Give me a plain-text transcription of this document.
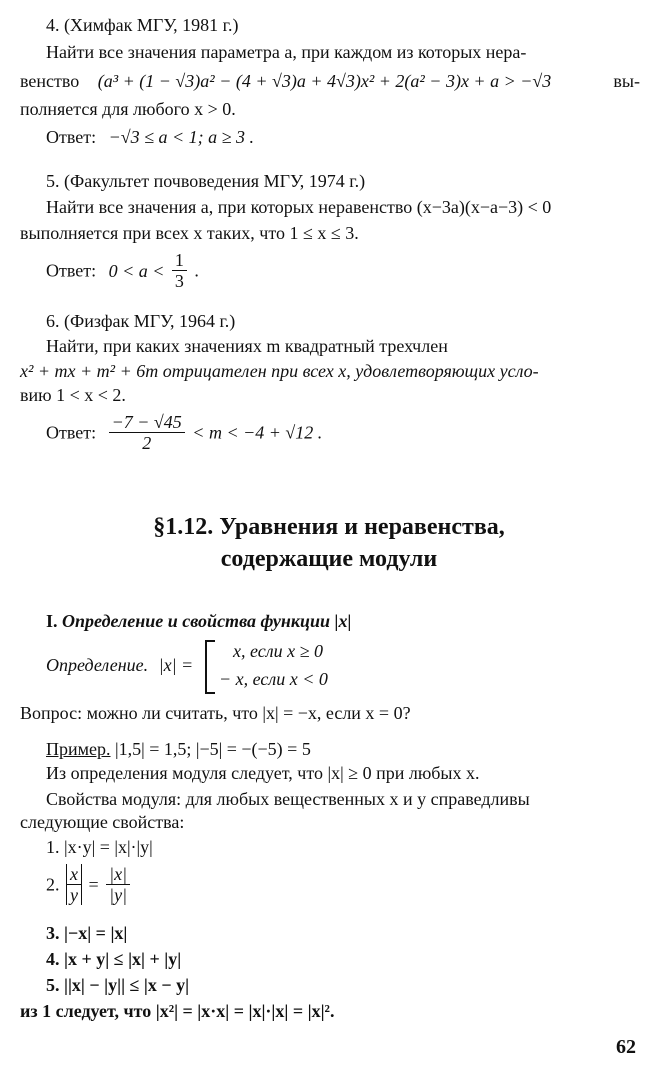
4. (Химфак МГУ, 1981 г.)
Найти все значения параметра a, при каждом из которых нера-
венство (a³ + (1 − √3)a² − (4 + √3)a + 4√3)x² + 2(a² − 3)x + a > −√3	вы-
полняется для любого x > 0.
Ответ: −√3 ≤ a < 1; a ≥ 3 .
5. (Факультет почвоведения МГУ, 1974 г.)
Найти все значения a, при которых неравенство (x−3a)(x−a−3) < 0
выполняется при всех x таких, что 1 ≤ x ≤ 3.
Ответ: $0 < a < \frac{1}{3}$ .
6. (Физфак МГУ, 1964 г.)
Найти, при каких значениях m квадратный трехчлен
x² + mx + m² + 6m отрицателен при всех x, удовлетворяющих усло-
вию 1 < x < 2.
Ответ: $\frac{-7 - √45}{2} < m < -4 + √12$ .
§1.12. Уравнения и неравенства,
содержащие модули
I. Определение и свойства функции |x|
Определение. |x| =
x, если x ≥ 0
− x, если x < 0
Вопрос: можно ли считать, что |x| = −x, если x = 0?
Пример. |1,5| = 1,5; |−5| = −(−5) = 5
Из определения модуля следует, что |x| ≥ 0 при любых x.
Свойства модуля: для любых вещественных x и y справедливы
следующие свойства:
1. |x·y| = |x|·|y|
2. $\frac{x}{y} = \frac{|x|}{|y|}$
3. |−x| = |x|
4. |x + y| ≤ |x| + |y|
5. ||x| − |y|| ≤ |x − y|
из 1 следует, что |x²| = |x·x| = |x|·|x| = |x|².
62
